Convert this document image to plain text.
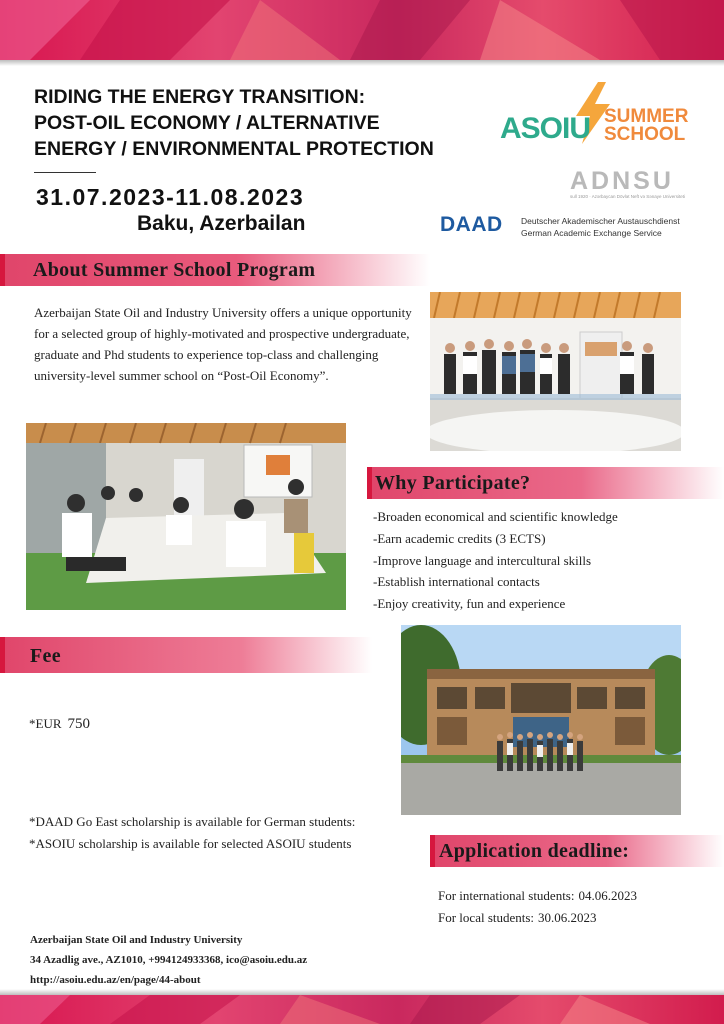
RIDING THE ENERGY TRANSITION:
POST-OIL ECONOMY / ALTERNATIVE
ENERGY / ENVIRONMENTAL PROTECTION
31.07.2023-11.08.2023
Baku, Azerbailan
ASOIU SUMMER
SCHOOL
ADNSU
sull 1920 · Azərbaycan Dövlət Neft və Sənaye Universiteti
DAAD Deutscher Akademischer Austauschdienst
German Academic Exchange Service
About Summer School Program

Azerbaijan State Oil and Industry University offers a unique opportunity for a selected group of highly-motivated and prospective undergraduate, graduate and Phd students to experience top-class and challenging university-level summer school on “Post-Oil Economy”.

Why Participate?
-Broaden economical and scientific knowledge
-Earn academic credits (3 ECTS)
-Improve language and intercultural skills
-Establish international contacts
-Enjoy creativity, fun and experience
Fee
*EUR 750
*DAAD Go East scholarship is available for German students:
*ASOIU scholarship is available for selected ASOIU students	Application deadline:
For international students: 04.06.2023
For local students: 30.06.2023
Azerbaijan State Oil and Industry University
34 Azadlig ave., AZ1010, +994124933368, ico@asoiu.edu.az
http://asoiu.edu.az/en/page/44-about
